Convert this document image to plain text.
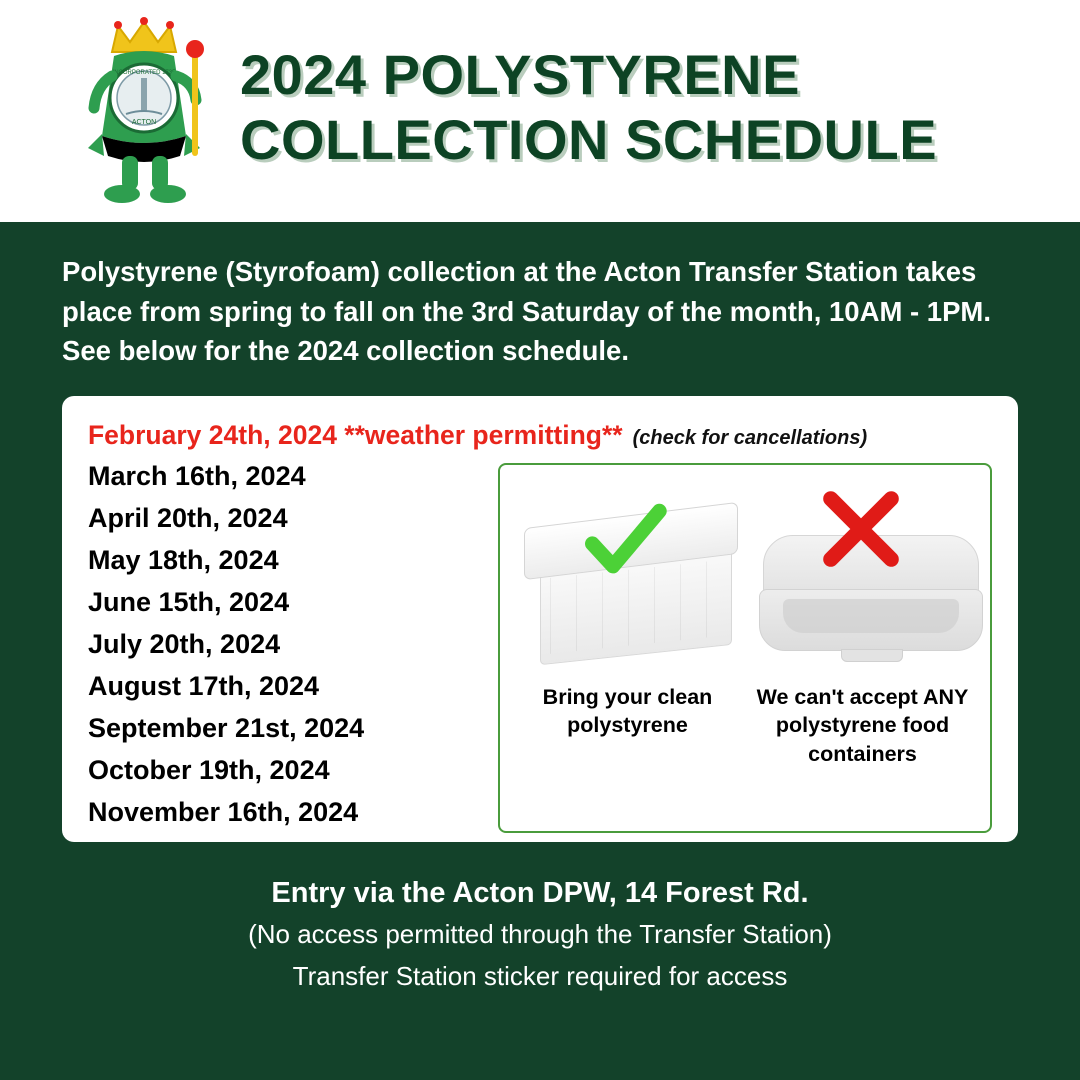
INCORPORATED 1735
ACTON
2024 POLYSTYRENE
COLLECTION SCHEDULE
Polystyrene (Styrofoam) collection at the Acton Transfer Station takes place from spring to fall on the 3rd Saturday of the month, 10AM - 1PM. See below for the 2024 collection schedule.
February 24th, 2024 **weather permitting** (check for cancellations)
March 16th, 2024
April 20th, 2024
May 18th, 2024
June 15th, 2024
July 20th, 2024
August 17th, 2024
September 21st, 2024
October 19th, 2024
November 16th, 2024
Bring your clean polystyrene
We can't accept ANY polystyrene food containers
Entry via the Acton DPW, 14 Forest Rd.
(No access permitted through the Transfer Station)
Transfer Station sticker required for access
